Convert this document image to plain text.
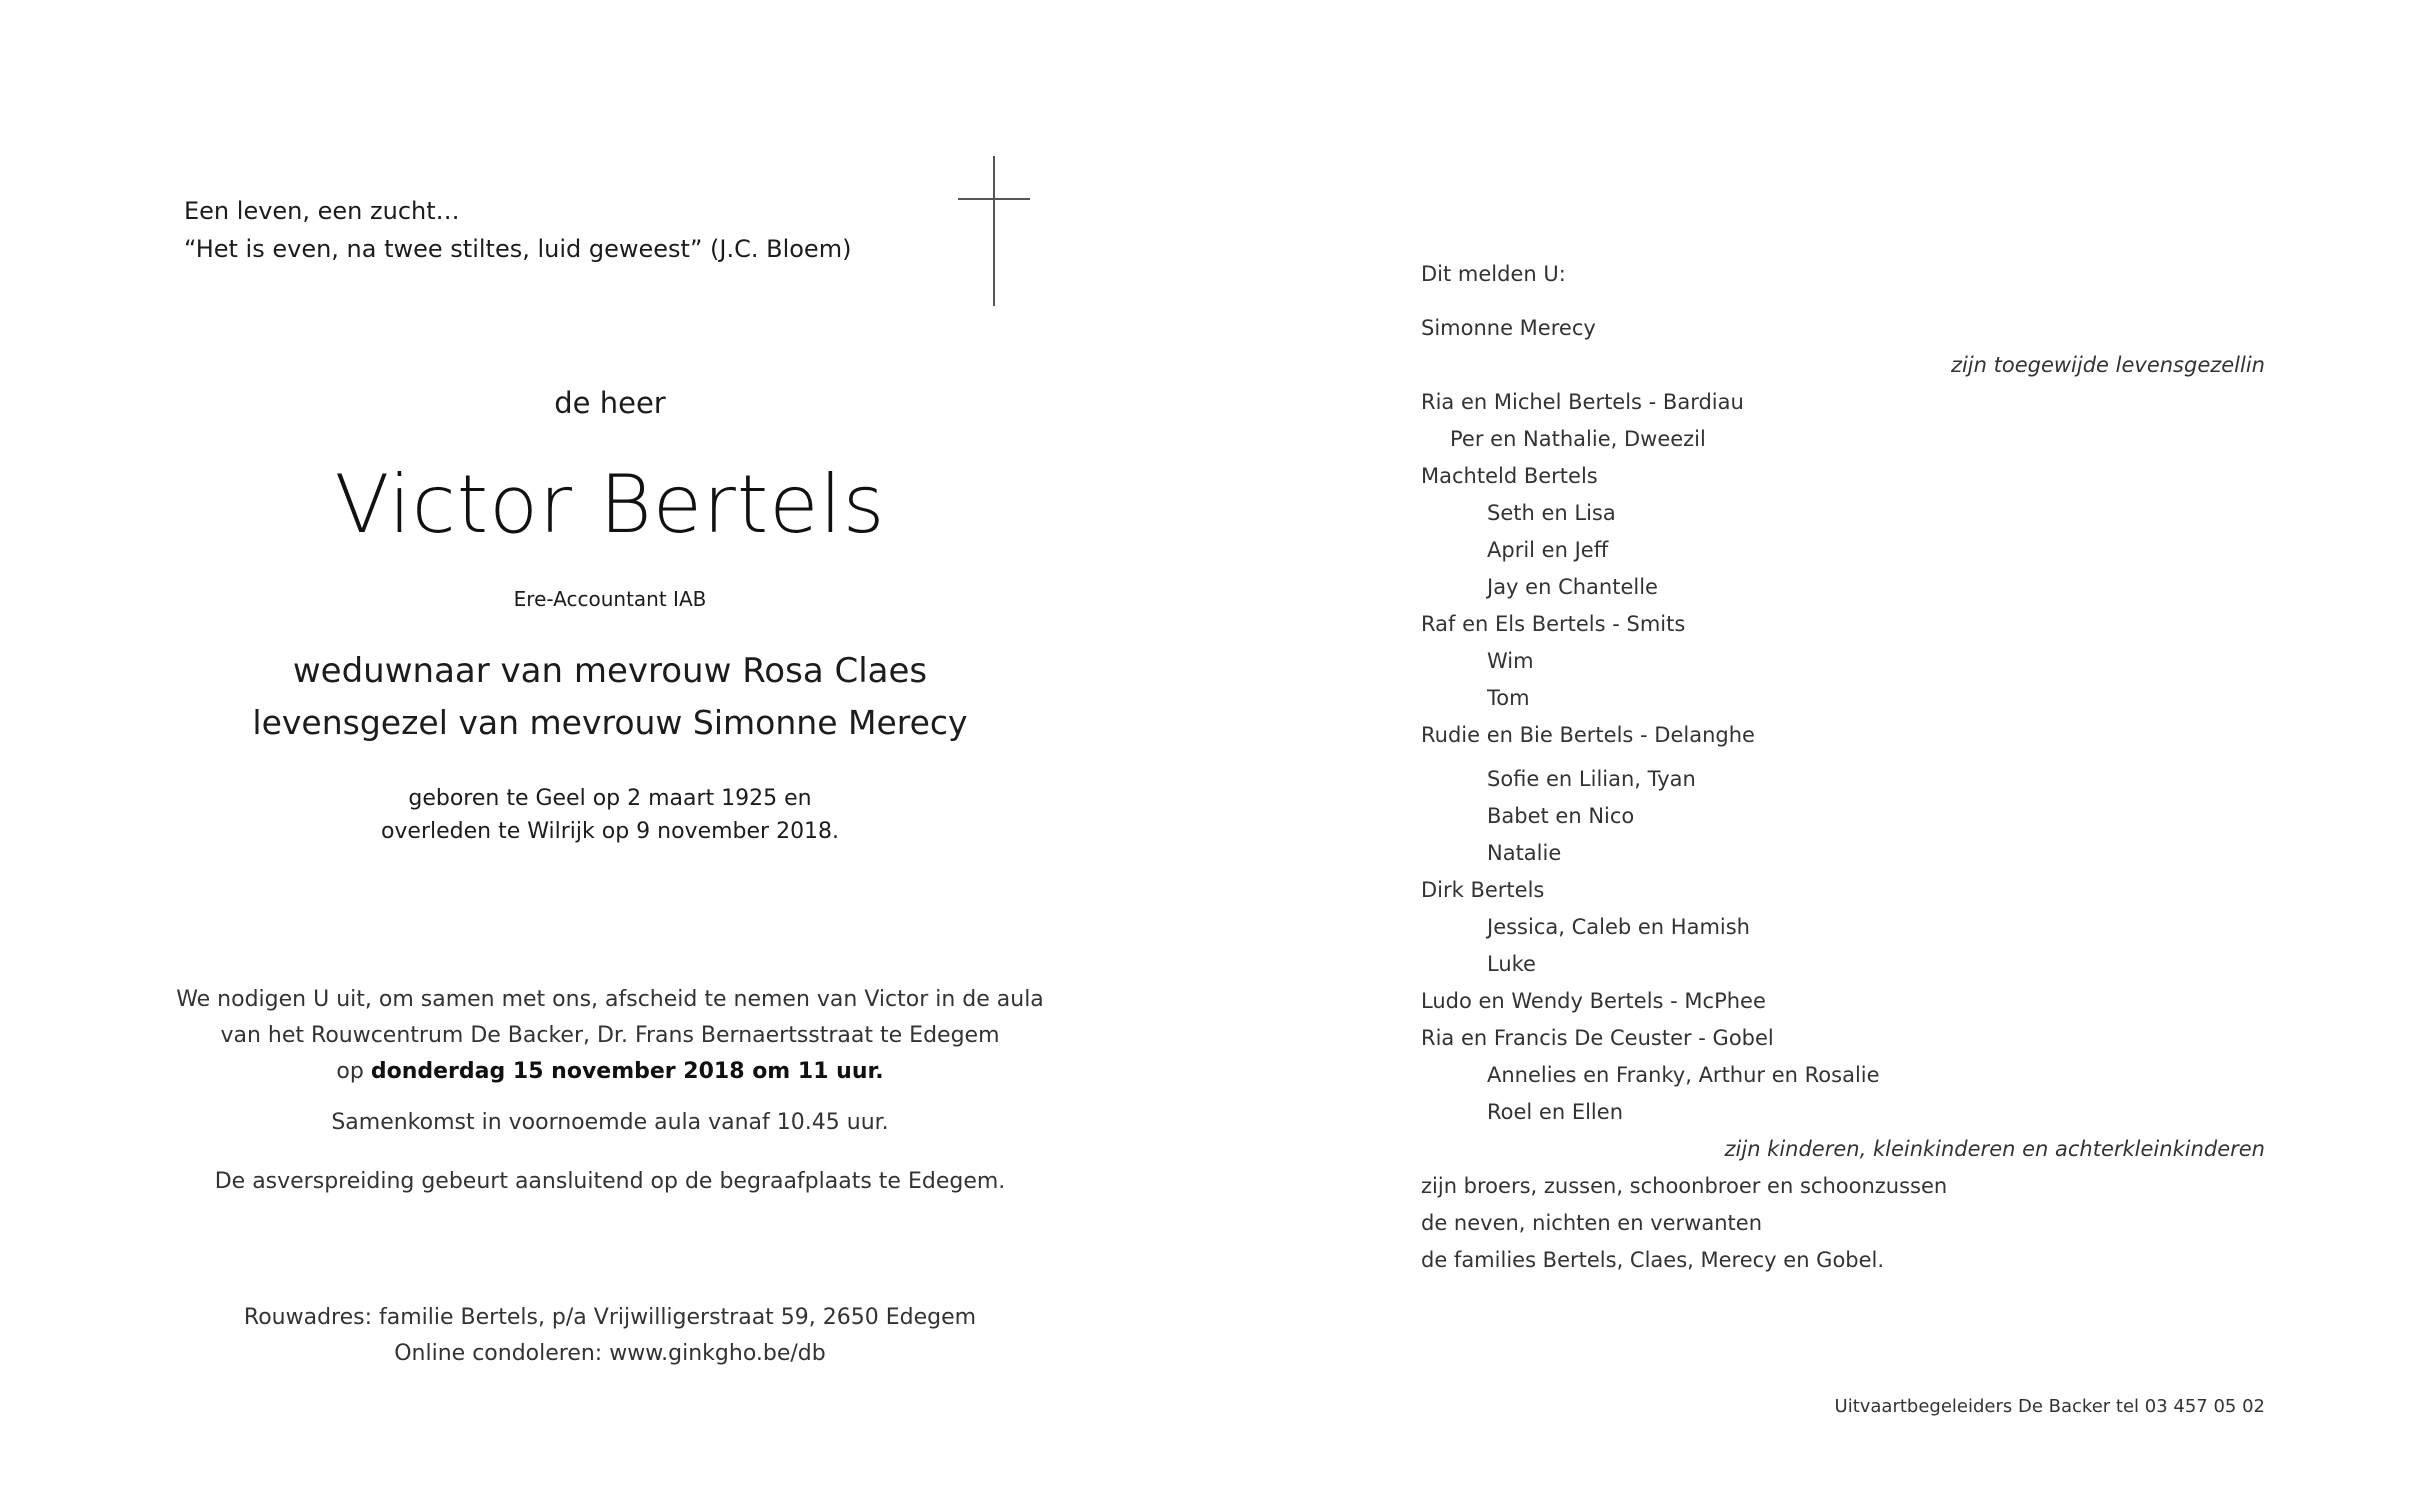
Een leven, een zucht…
“Het is even, na twee stiltes, luid geweest” (J.C. Bloem)
de heer
Victor Bertels
Ere-Accountant IAB
weduwnaar van mevrouw Rosa Claes
levensgezel van mevrouw Simonne Merecy
geboren te Geel op 2 maart 1925 en
overleden te Wilrijk op 9 november 2018.
We nodigen U uit, om samen met ons, afscheid te nemen van Victor in de aula
van het Rouwcentrum De Backer, Dr. Frans Bernaertsstraat te Edegem
op donderdag 15 november 2018 om 11 uur.
Samenkomst in voornoemde aula vanaf 10.45 uur.
De asverspreiding gebeurt aansluitend op de begraafplaats te Edegem.
Rouwadres: familie Bertels, p/a Vrijwilligerstraat 59, 2650 Edegem
Online condoleren: www.ginkgho.be/db
Dit melden U:
Simonne Merecy
zijn toegewijde levensgezellin
Ria en Michel Bertels - Bardiau
Per en Nathalie, Dweezil
Machteld Bertels
Seth en Lisa
April en Jeff
Jay en Chantelle
Raf en Els Bertels - Smits
Wim
Tom
Rudie en Bie Bertels - Delanghe
Sofie en Lilian, Tyan
Babet en Nico
Natalie
Dirk Bertels
Jessica, Caleb en Hamish
Luke
Ludo en Wendy Bertels - McPhee
Ria en Francis De Ceuster - Gobel
Annelies en Franky, Arthur en Rosalie
Roel en Ellen
zijn kinderen, kleinkinderen en achterkleinkinderen
zijn broers, zussen, schoonbroer en schoonzussen
de neven, nichten en verwanten
de families Bertels, Claes, Merecy en Gobel.
Uitvaartbegeleiders De Backer tel 03 457 05 02
